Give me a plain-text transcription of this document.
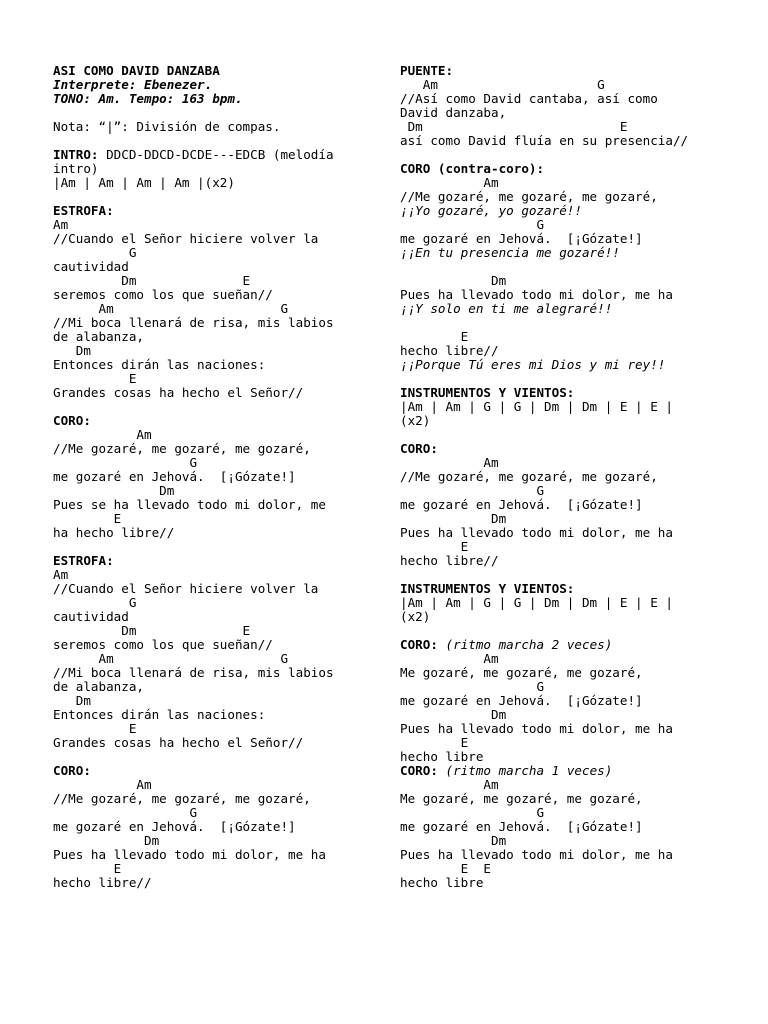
ASI COMO DAVID DANZABA
Interprete: Ebenezer.
TONO: Am. Tempo: 163 bpm.
Nota: “|”: División de compas.
INTRO: DDCD-DDCD-DCDE---EDCB (melodía
intro)
|Am | Am | Am | Am |(x2)
ESTROFA:
Am
//Cuando el Señor hiciere volver la
G
cautividad
Dm              E
seremos como los que sueñan//
Am                      G
//Mi boca llenará de risa, mis labios
de alabanza,
Dm
Entonces dirán las naciones:
E
Grandes cosas ha hecho el Señor//
CORO:
Am
//Me gozaré, me gozaré, me gozaré,
G
me gozaré en Jehová.  [¡Gózate!]
Dm
Pues se ha llevado todo mi dolor, me
E
ha hecho libre//
ESTROFA:
Am
//Cuando el Señor hiciere volver la
G
cautividad
Dm              E
seremos como los que sueñan//
Am                      G
//Mi boca llenará de risa, mis labios
de alabanza,
Dm
Entonces dirán las naciones:
E
Grandes cosas ha hecho el Señor//
CORO:
Am
//Me gozaré, me gozaré, me gozaré,
G
me gozaré en Jehová.  [¡Gózate!]
Dm
Pues ha llevado todo mi dolor, me ha
E
hecho libre//
PUENTE:
Am                     G
//Así como David cantaba, así como
David danzaba,
Dm                          E
así como David fluía en su presencia//
CORO (contra-coro):
Am
//Me gozaré, me gozaré, me gozaré,
¡¡Yo gozaré, yo gozaré!!
G
me gozaré en Jehová.  [¡Gózate!]
¡¡En tu presencia me gozaré!!
Dm
Pues ha llevado todo mi dolor, me ha
¡¡Y solo en ti me alegraré!!
E
hecho libre//
¡¡Porque Tú eres mi Dios y mi rey!!
INSTRUMENTOS Y VIENTOS:
|Am | Am | G | G | Dm | Dm | E | E |
(x2)
CORO:
Am
//Me gozaré, me gozaré, me gozaré,
G
me gozaré en Jehová.  [¡Gózate!]
Dm
Pues ha llevado todo mi dolor, me ha
E
hecho libre//
INSTRUMENTOS Y VIENTOS:
|Am | Am | G | G | Dm | Dm | E | E |
(x2)
CORO: (ritmo marcha 2 veces)
Am
Me gozaré, me gozaré, me gozaré,
G
me gozaré en Jehová.  [¡Gózate!]
Dm
Pues ha llevado todo mi dolor, me ha
E
hecho libre
CORO: (ritmo marcha 1 veces)
Am
Me gozaré, me gozaré, me gozaré,
G
me gozaré en Jehová.  [¡Gózate!]
Dm
Pues ha llevado todo mi dolor, me ha
E  E
hecho libre
